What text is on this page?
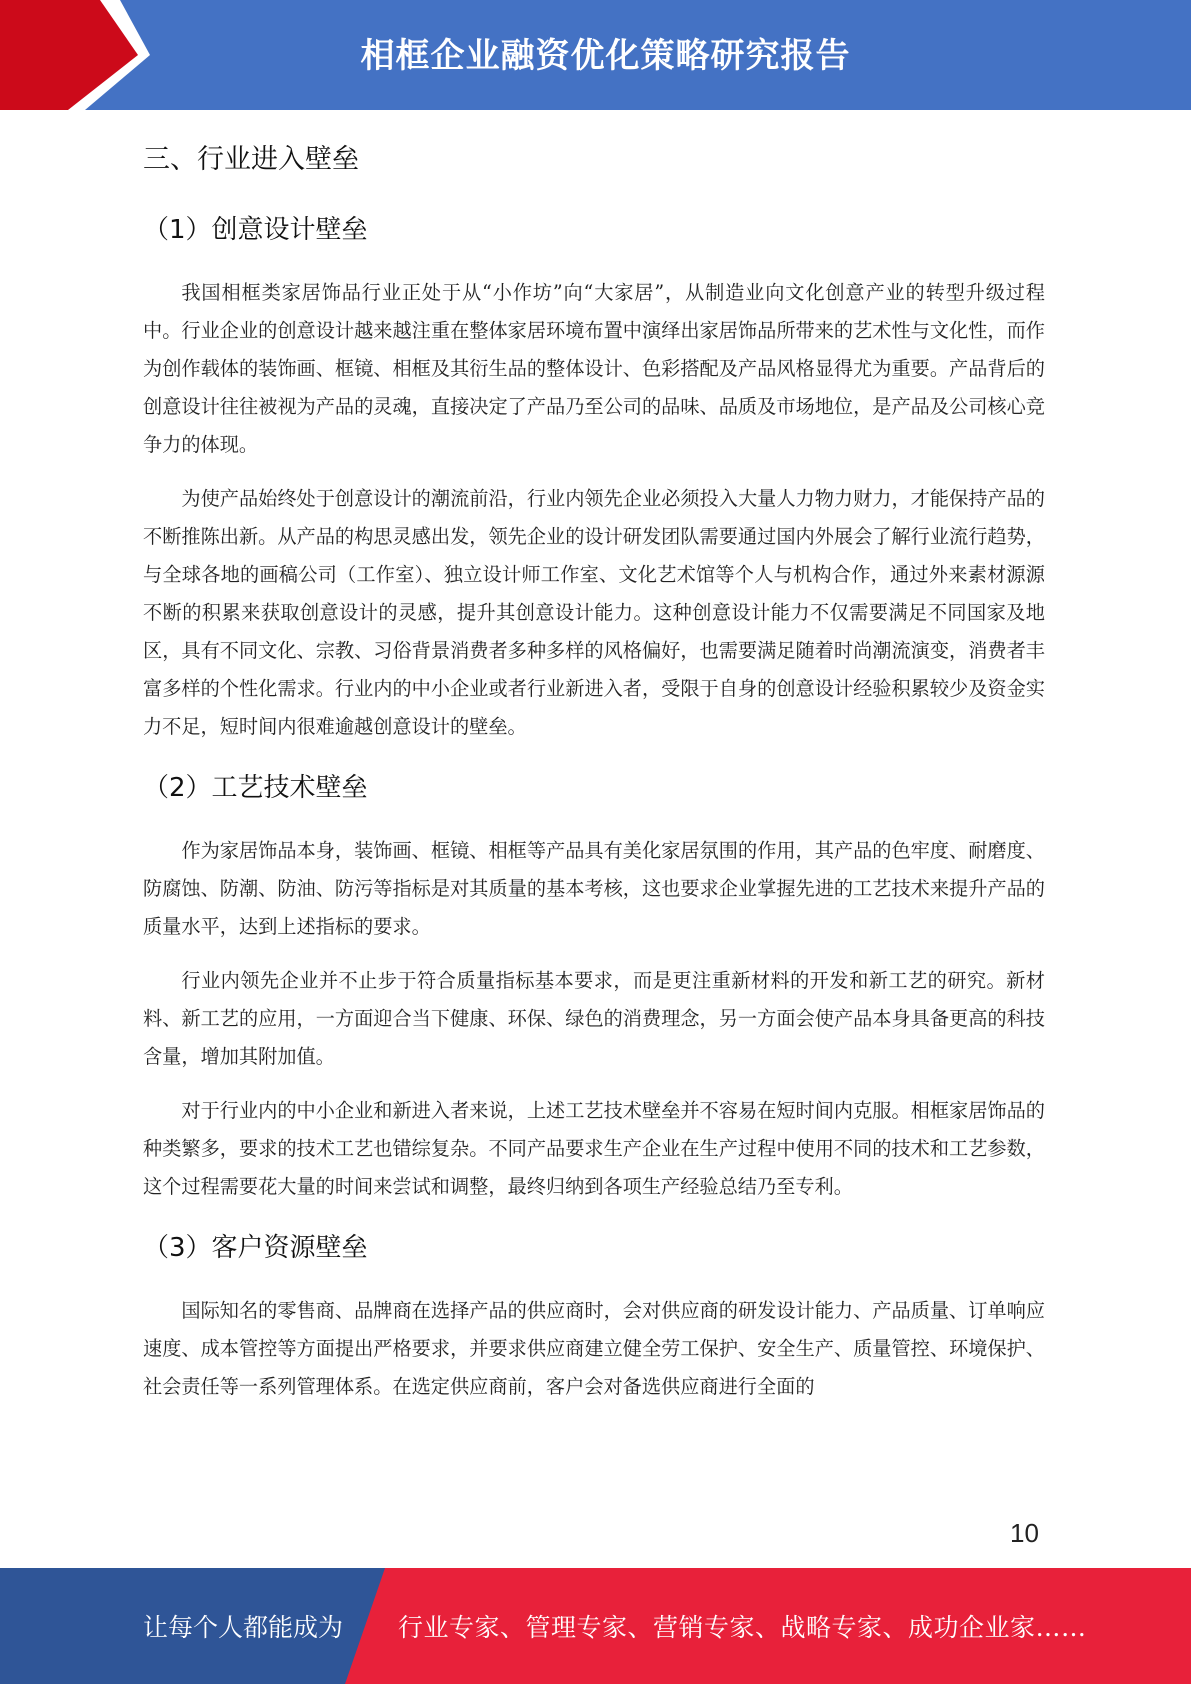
相框企业融资优化策略研究报告
三、行业进入壁垒
（1）创意设计壁垒

我国相框类家居饰品行业正处于从“小作坊”向“大家居”，从制造业向文化创意产业的转型升级过程中。行业企业的创意设计越来越注重在整体家居环境布置中演绎出家居饰品所带来的艺术性与文化性，而作为创作载体的装饰画、框镜、相框及其衍生品的整体设计、色彩搭配及产品风格显得尤为重要。产品背后的创意设计往往被视为产品的灵魂，直接决定了产品乃至公司的品味、品质及市场地位，是产品及公司核心竞争力的体现。

为使产品始终处于创意设计的潮流前沿，行业内领先企业必须投入大量人力物力财力，才能保持产品的不断推陈出新。从产品的构思灵感出发，领先企业的设计研发团队需要通过国内外展会了解行业流行趋势，与全球各地的画稿公司（工作室）、独立设计师工作室、文化艺术馆等个人与机构合作，通过外来素材源源不断的积累来获取创意设计的灵感，提升其创意设计能力。这种创意设计能力不仅需要满足不同国家及地区，具有不同文化、宗教、习俗背景消费者多种多样的风格偏好，也需要满足随着时尚潮流演变，消费者丰富多样的个性化需求。行业内的中小企业或者行业新进入者，受限于自身的创意设计经验积累较少及资金实力不足，短时间内很难逾越创意设计的壁垒。

（2）工艺技术壁垒

作为家居饰品本身，装饰画、框镜、相框等产品具有美化家居氛围的作用，其产品的色牢度、耐磨度、防腐蚀、防潮、防油、防污等指标是对其质量的基本考核，这也要求企业掌握先进的工艺技术来提升产品的质量水平，达到上述指标的要求。

行业内领先企业并不止步于符合质量指标基本要求，而是更注重新材料的开发和新工艺的研究。新材料、新工艺的应用，一方面迎合当下健康、环保、绿色的消费理念，另一方面会使产品本身具备更高的科技含量，增加其附加值。

对于行业内的中小企业和新进入者来说，上述工艺技术壁垒并不容易在短时间内克服。相框家居饰品的种类繁多，要求的技术工艺也错综复杂。不同产品要求生产企业在生产过程中使用不同的技术和工艺参数，这个过程需要花大量的时间来尝试和调整，最终归纳到各项生产经验总结乃至专利。

（3）客户资源壁垒

国际知名的零售商、品牌商在选择产品的供应商时，会对供应商的研发设计能力、产品质量、订单响应速度、成本管控等方面提出严格要求，并要求供应商建立健全劳工保护、安全生产、质量管控、环境保护、社会责任等一系列管理体系。在选定供应商前，客户会对备选供应商进行全面的

10
让每个人都能成为 行业专家、管理专家、营销专家、战略专家、成功企业家……
